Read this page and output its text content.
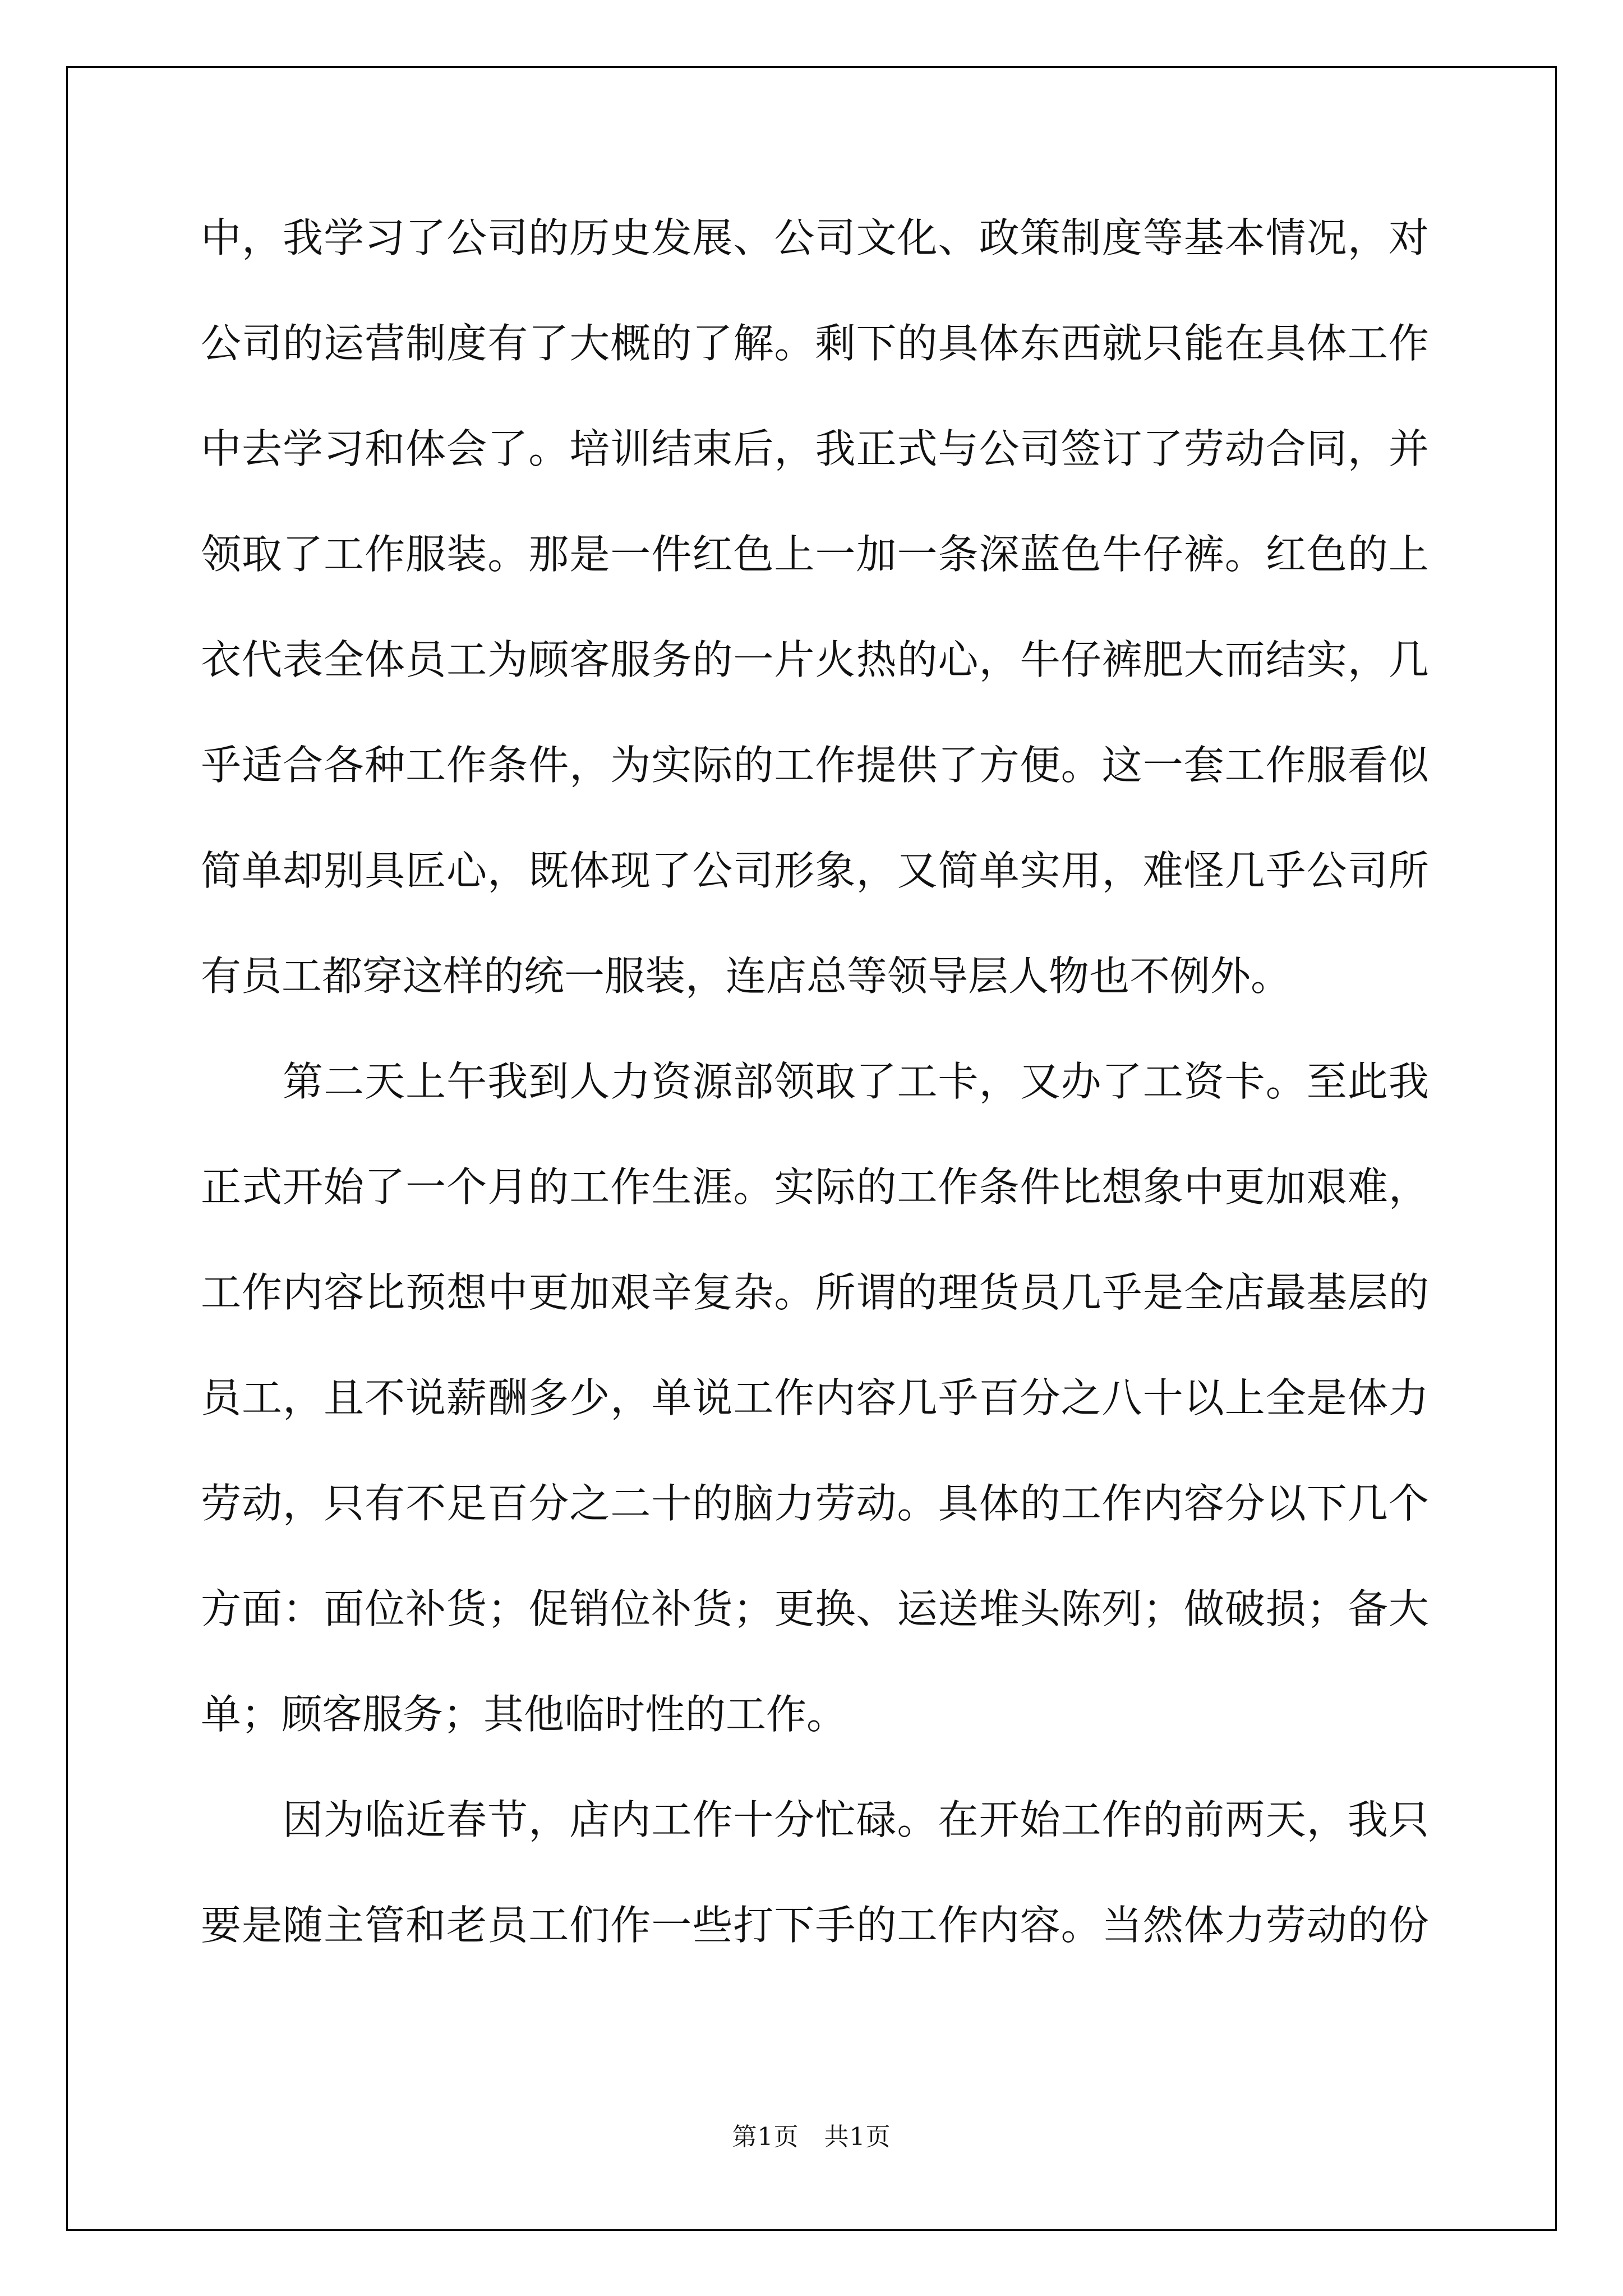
中，我学习了公司的历史发展、公司文化、政策制度等基本情况，对
公司的运营制度有了大概的了解。剩下的具体东西就只能在具体工作
中去学习和体会了。培训结束后，我正式与公司签订了劳动合同，并
领取了工作服装。那是一件红色上一加一条深蓝色牛仔裤。红色的上
衣代表全体员工为顾客服务的一片火热的心，牛仔裤肥大而结实，几
乎适合各种工作条件，为实际的工作提供了方便。这一套工作服看似
简单却别具匠心，既体现了公司形象，又简单实用，难怪几乎公司所
有员工都穿这样的统一服装，连店总等领导层人物也不例外。
　　第二天上午我到人力资源部领取了工卡，又办了工资卡。至此我
正式开始了一个月的工作生涯。实际的工作条件比想象中更加艰难，
工作内容比预想中更加艰辛复杂。所谓的理货员几乎是全店最基层的
员工，且不说薪酬多少，单说工作内容几乎百分之八十以上全是体力
劳动，只有不足百分之二十的脑力劳动。具体的工作内容分以下几个
方面：面位补货；促销位补货；更换、运送堆头陈列；做破损；备大
单；顾客服务；其他临时性的工作。
　　因为临近春节，店内工作十分忙碌。在开始工作的前两天，我只
要是随主管和老员工们作一些打下手的工作内容。当然体力劳动的份
第1页　共1页
